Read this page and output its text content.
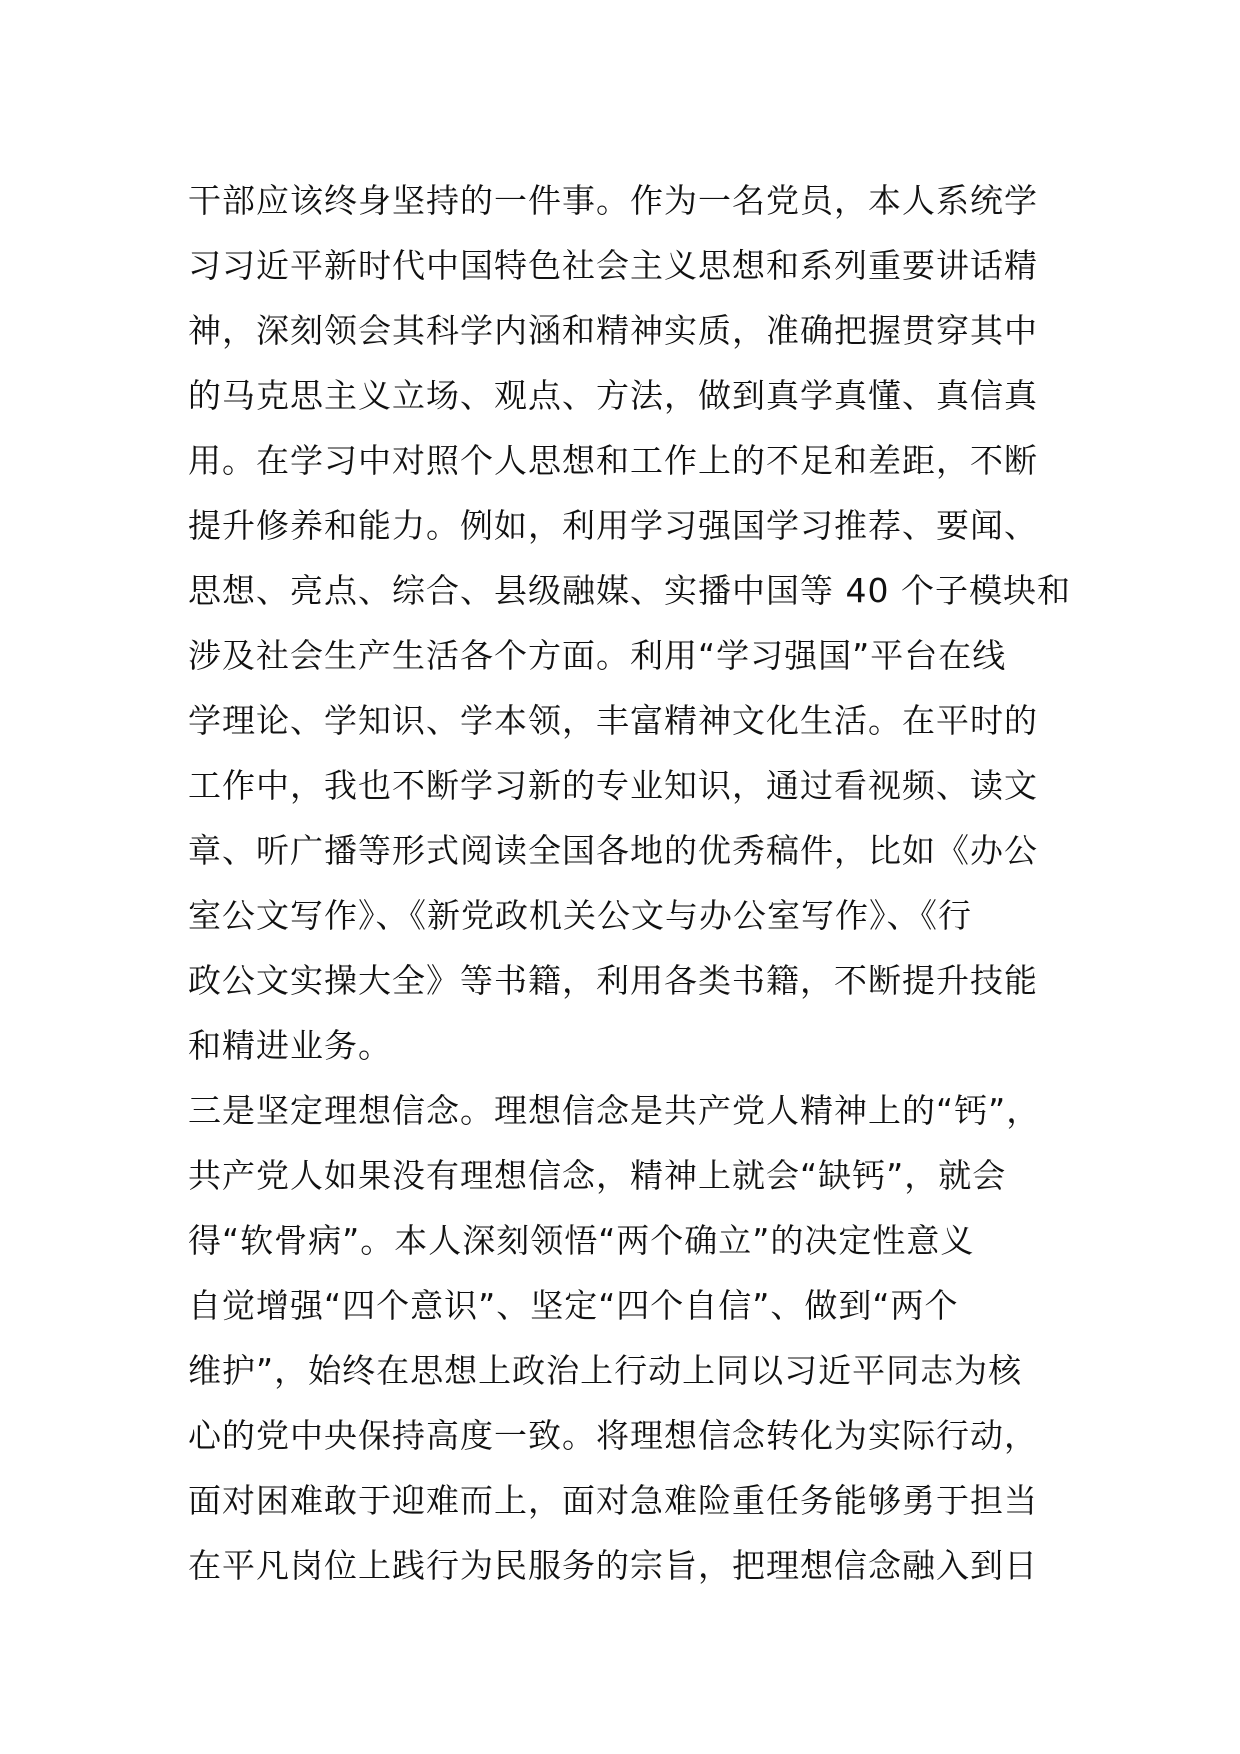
干部应该终身坚持的一件事。作为一名党员，本人系统学
习习近平新时代中国特色社会主义思想和系列重要讲话精
神，深刻领会其科学内涵和精神实质，准确把握贯穿其中
的马克思主义立场、观点、方法，做到真学真懂、真信真
用。在学习中对照个人思想和工作上的不足和差距，不断
提升修养和能力。例如，利用学习强国学习推荐、要闻、
思想、亮点、综合、县级融媒、实播中国等 40 个子模块和
涉及社会生产生活各个方面。利用“学习强国”平台在线
学理论、学知识、学本领，丰富精神文化生活。在平时的
工作中，我也不断学习新的专业知识，通过看视频、读文
章、听广播等形式阅读全国各地的优秀稿件，比如《办公
室公文写作》、《新党政机关公文与办公室写作》、《行
政公文实操大全》等书籍，利用各类书籍，不断提升技能
和精进业务。
三是坚定理想信念。理想信念是共产党人精神上的“钙”，
共产党人如果没有理想信念，精神上就会“缺钙”，就会
得“软骨病”。本人深刻领悟“两个确立”的决定性意义
自觉增强“四个意识”、坚定“四个自信”、做到“两个
维护”，始终在思想上政治上行动上同以习近平同志为核
心的党中央保持高度一致。将理想信念转化为实际行动，
面对困难敢于迎难而上，面对急难险重任务能够勇于担当
在平凡岗位上践行为民服务的宗旨，把理想信念融入到日
